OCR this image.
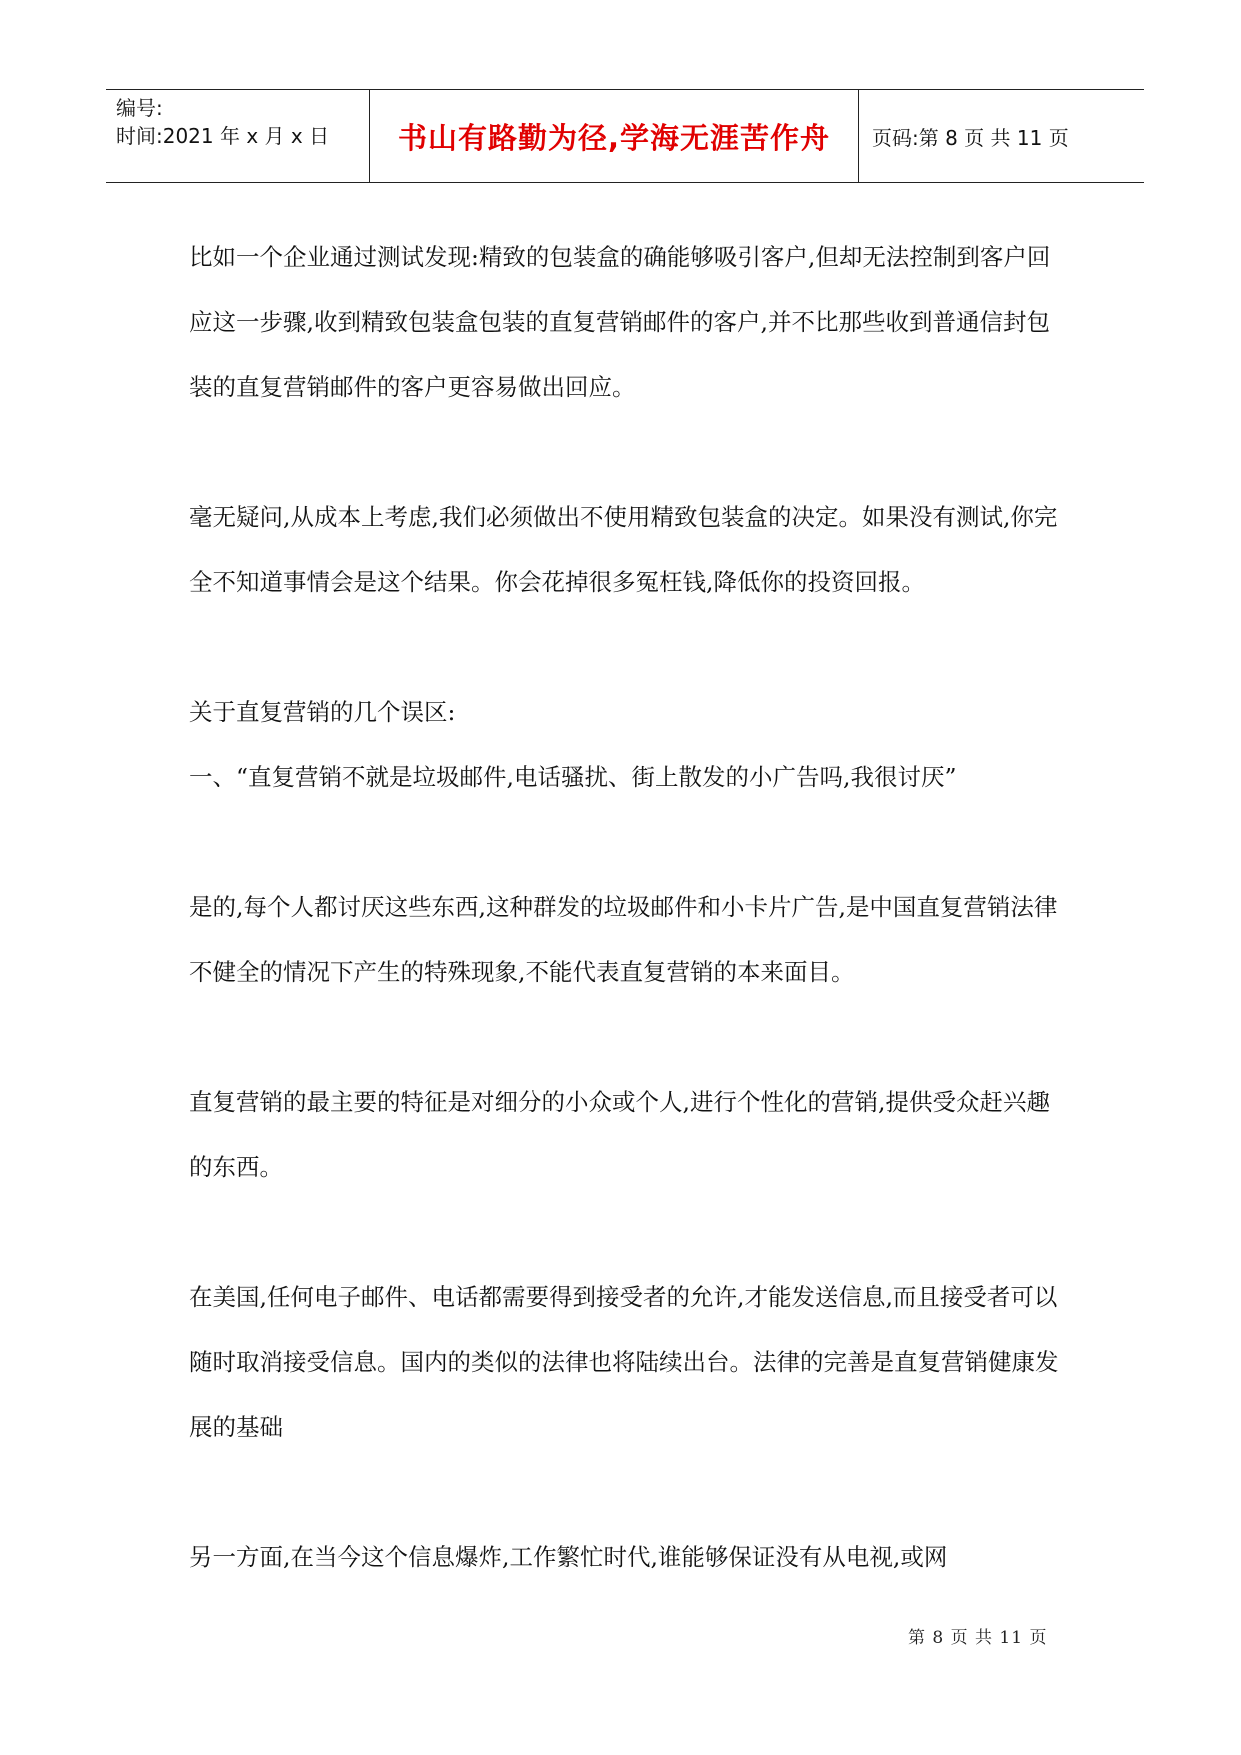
编号:
时间:2021 年 x 月 x 日	书山有路勤为径,学海无涯苦作舟	页码:第 8 页 共 11 页

比如一个企业通过测试发现:精致的包装盒的确能够吸引客户,但却无法控制到客户回应这一步骤,收到精致包装盒包装的直复营销邮件的客户,并不比那些收到普通信封包装的直复营销邮件的客户更容易做出回应。

毫无疑问,从成本上考虑,我们必须做出不使用精致包装盒的决定。如果没有测试,你完全不知道事情会是这个结果。你会花掉很多冤枉钱,降低你的投资回报。

关于直复营销的几个误区:

一、“直复营销不就是垃圾邮件,电话骚扰、街上散发的小广告吗,我很讨厌”

是的,每个人都讨厌这些东西,这种群发的垃圾邮件和小卡片广告,是中国直复营销法律不健全的情况下产生的特殊现象,不能代表直复营销的本来面目。

直复营销的最主要的特征是对细分的小众或个人,进行个性化的营销,提供受众赶兴趣的东西。

在美国,任何电子邮件、电话都需要得到接受者的允许,才能发送信息,而且接受者可以随时取消接受信息。国内的类似的法律也将陆续出台。法律的完善是直复营销健康发展的基础

另一方面,在当今这个信息爆炸,工作繁忙时代,谁能够保证没有从电视,或网

第 8 页 共 11 页
